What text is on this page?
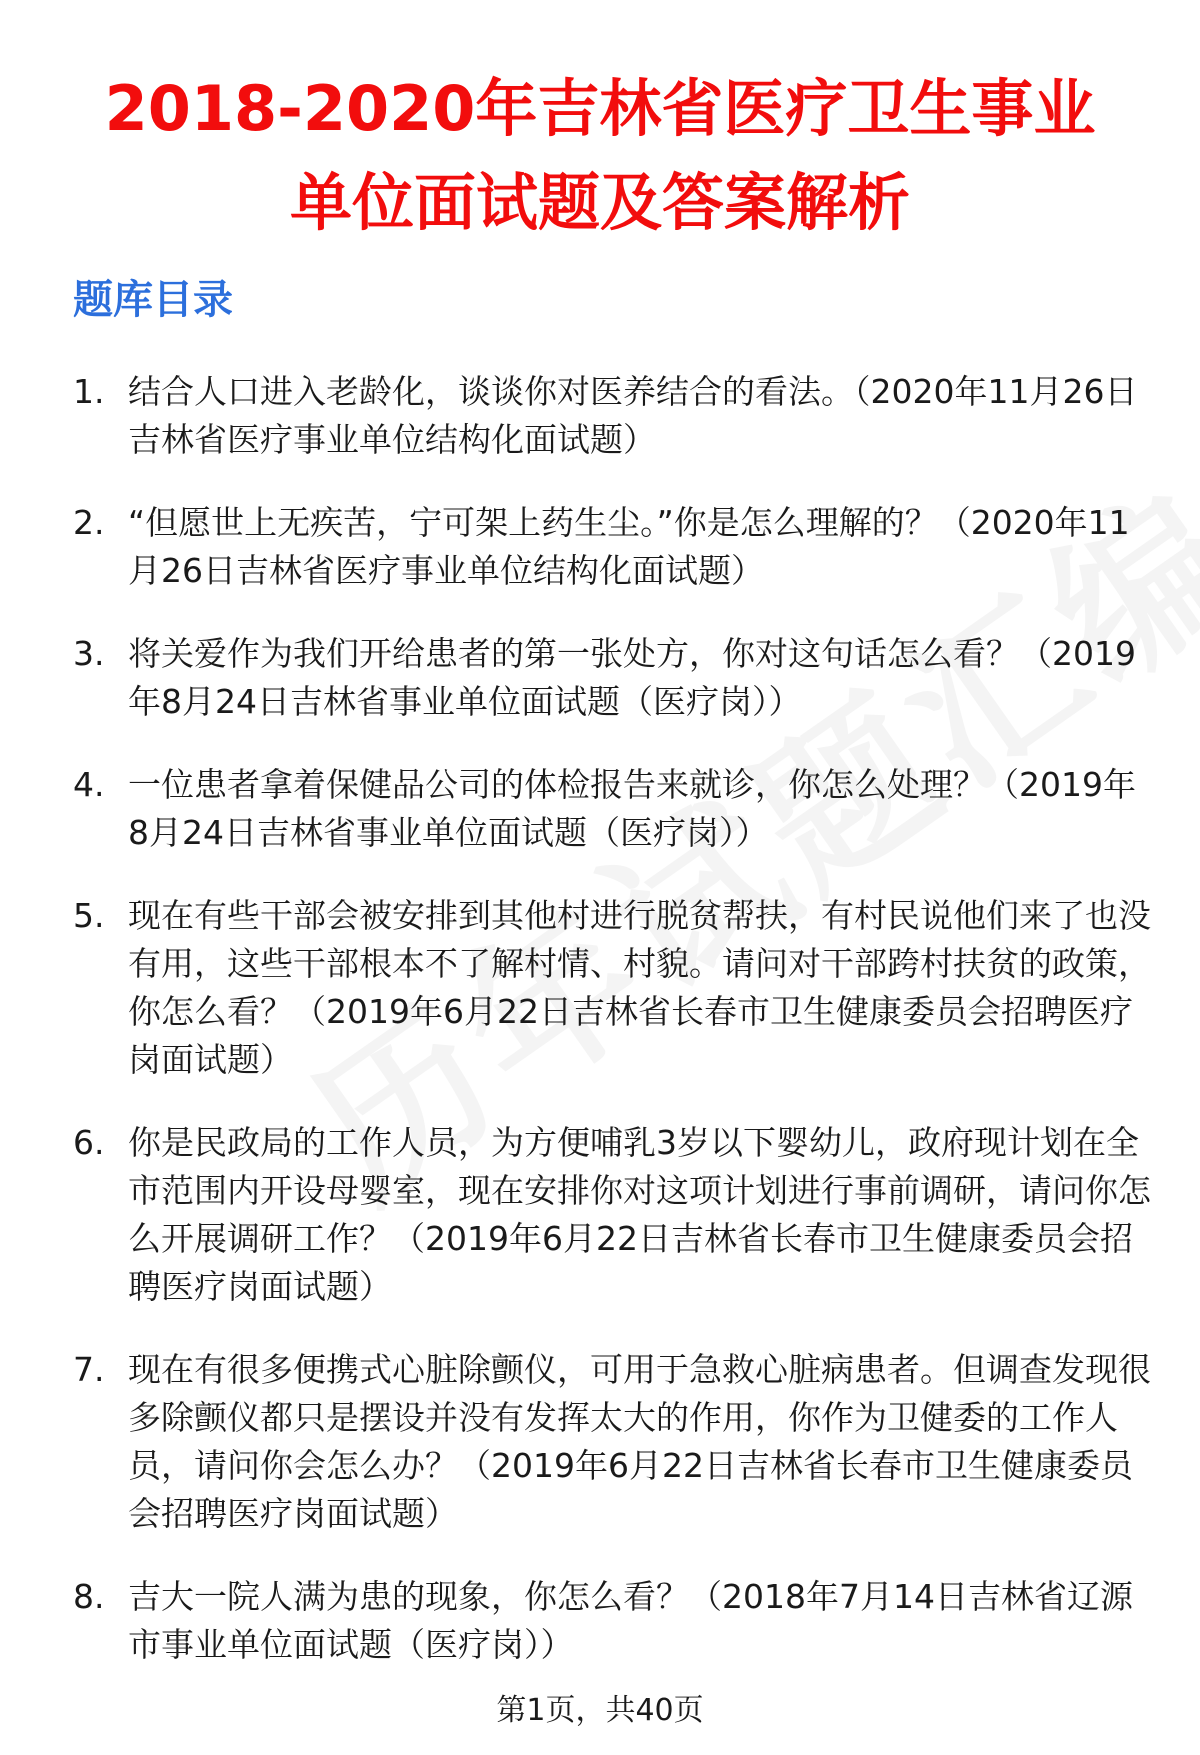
2018-2020年吉林省医疗卫生事业
单位面试题及答案解析
题库目录
1. 结合人口进入老龄化，谈谈你对医养结合的看法。（2020年11月26日吉林省医疗事业单位结构化面试题）
2. “但愿世上无疾苦，宁可架上药生尘。”你是怎么理解的？（2020年11月26日吉林省医疗事业单位结构化面试题）
3. 将关爱作为我们开给患者的第一张处方，你对这句话怎么看？（2019年8月24日吉林省事业单位面试题（医疗岗））
4. 一位患者拿着保健品公司的体检报告来就诊，你怎么处理？（2019年8月24日吉林省事业单位面试题（医疗岗））
5. 现在有些干部会被安排到其他村进行脱贫帮扶，有村民说他们来了也没有用，这些干部根本不了解村情、村貌。请问对干部跨村扶贫的政策，你怎么看？（2019年6月22日吉林省长春市卫生健康委员会招聘医疗岗面试题）
6. 你是民政局的工作人员，为方便哺乳3岁以下婴幼儿，政府现计划在全市范围内开设母婴室，现在安排你对这项计划进行事前调研，请问你怎么开展调研工作？（2019年6月22日吉林省长春市卫生健康委员会招聘医疗岗面试题）
7. 现在有很多便携式心脏除颤仪，可用于急救心脏病患者。但调查发现很多除颤仪都只是摆设并没有发挥太大的作用，你作为卫健委的工作人员，请问你会怎么办？（2019年6月22日吉林省长春市卫生健康委员会招聘医疗岗面试题）
8. 吉大一院人满为患的现象，你怎么看？（2018年7月14日吉林省辽源市事业单位面试题（医疗岗））
第1页，共40页
